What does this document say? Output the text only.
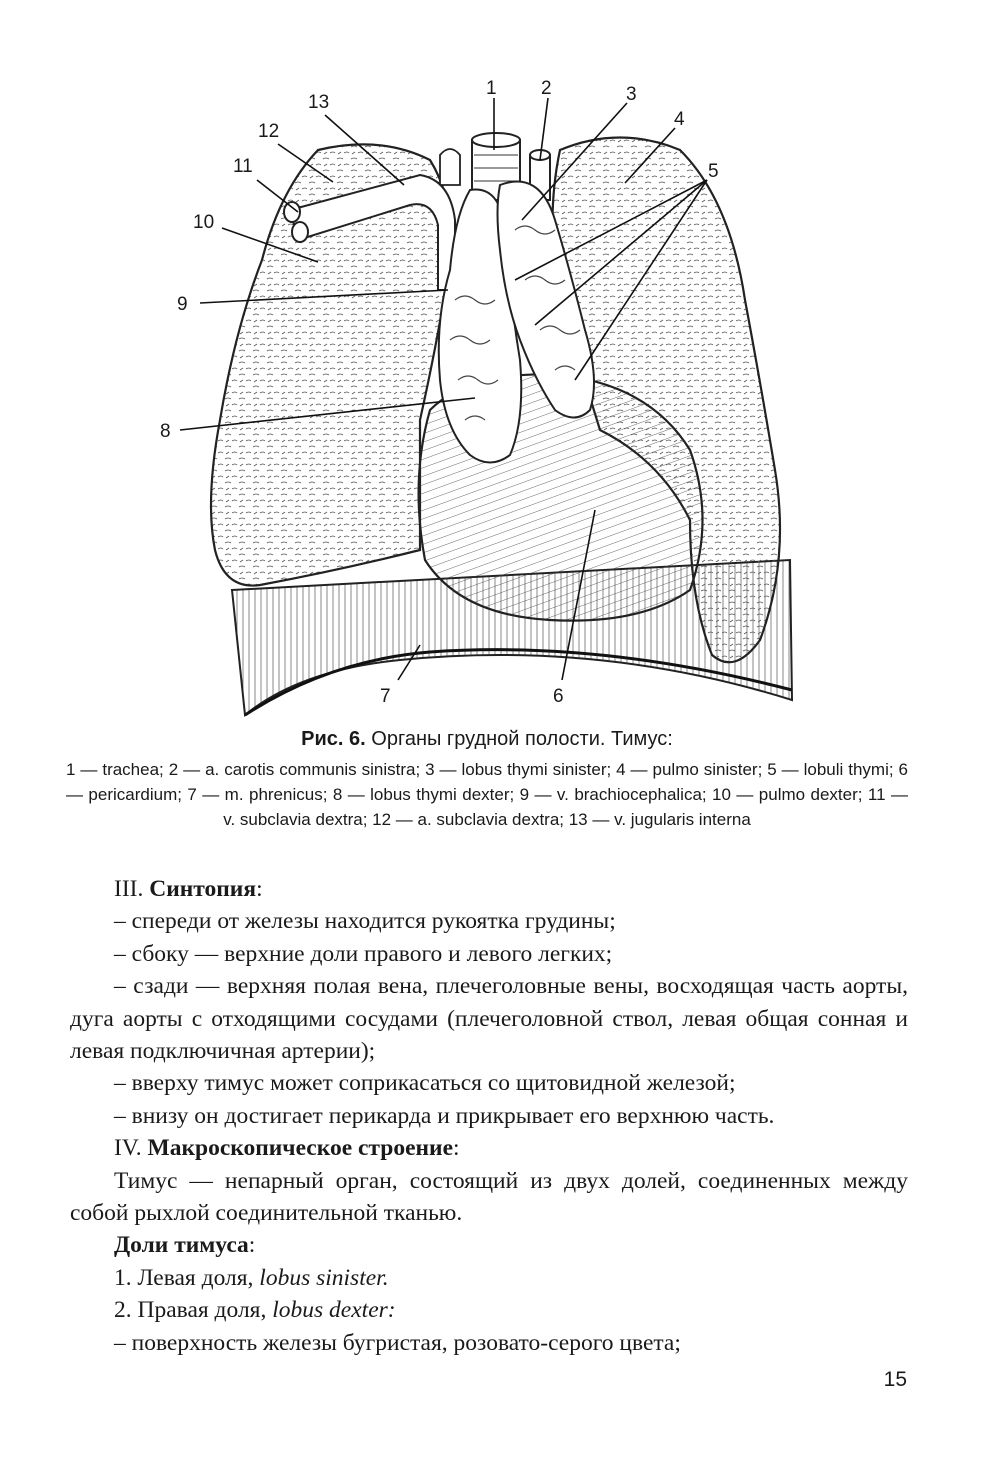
1 2	3
4
5
6
7
8
9
10
11
12
13
Рис. 6. Органы грудной полости. Тимус:
1 — trachea; 2 — a. carotis communis sinistra; 3 — lobus thymi sinister; 4 — pulmo sinister; 5 — lobuli thymi; 6 — pericardium; 7 — m. phrenicus; 8 — lobus thymi dexter; 9 — v. brachiocephalica; 10 — pulmo dexter; 11 — v. subclavia dextra; 12 — a. subclavia dextra; 13 — v. jugularis interna

III. Синтопия:

– спереди от железы находится рукоятка грудины;

– сбоку — верхние доли правого и левого легких;

– сзади — верхняя полая вена, плечеголовные вены, восходящая часть аорты, дуга аорты с отходящими сосудами (плечеголовной ствол, левая общая сонная и левая подключичная артерии);

– вверху тимус может соприкасаться со щитовидной железой;

– внизу он достигает перикарда и прикрывает его верхнюю часть.

IV. Макроскопическое строение:

Тимус — непарный орган, состоящий из двух долей, соединенных между собой рыхлой соединительной тканью.

Доли тимуса:

1. Левая доля, lobus sinister.

2. Правая доля, lobus dexter:

– поверхность железы бугристая, розовато-серого цвета;

15
